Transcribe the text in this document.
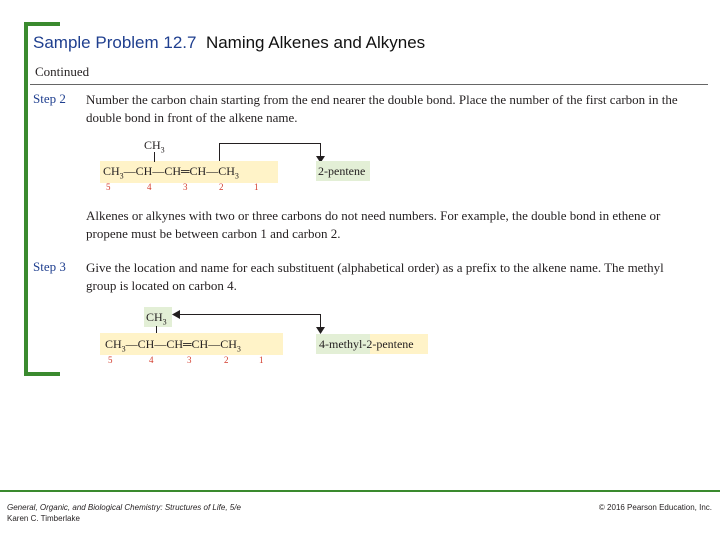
Sample Problem 12.7 Naming Alkenes and Alkynes
Continued
Step 2 Number the carbon chain starting from the end nearer the double bond. Place the number of the first carbon in the double bond in front of the alkene name.
$CH_3$
$CH_3—CH—CH═CH—CH_3$
5	4	3	2	1
2-pentene
Alkenes or alkynes with two or three carbons do not need numbers. For example, the double bond in ethene or propene must be between carbon 1 and carbon 2.
Step 3 Give the location and name for each substituent (alphabetical order) as a prefix to the alkene name. The methyl group is located on carbon 4.
$CH_3$
$CH_3—CH—CH═CH—CH_3$
5	4	3	2	1
4-methyl-2-pentene
General, Organic, and Biological Chemistry: Structures of Life, 5/e
Karen C. Timberlake
© 2016 Pearson Education, Inc.
